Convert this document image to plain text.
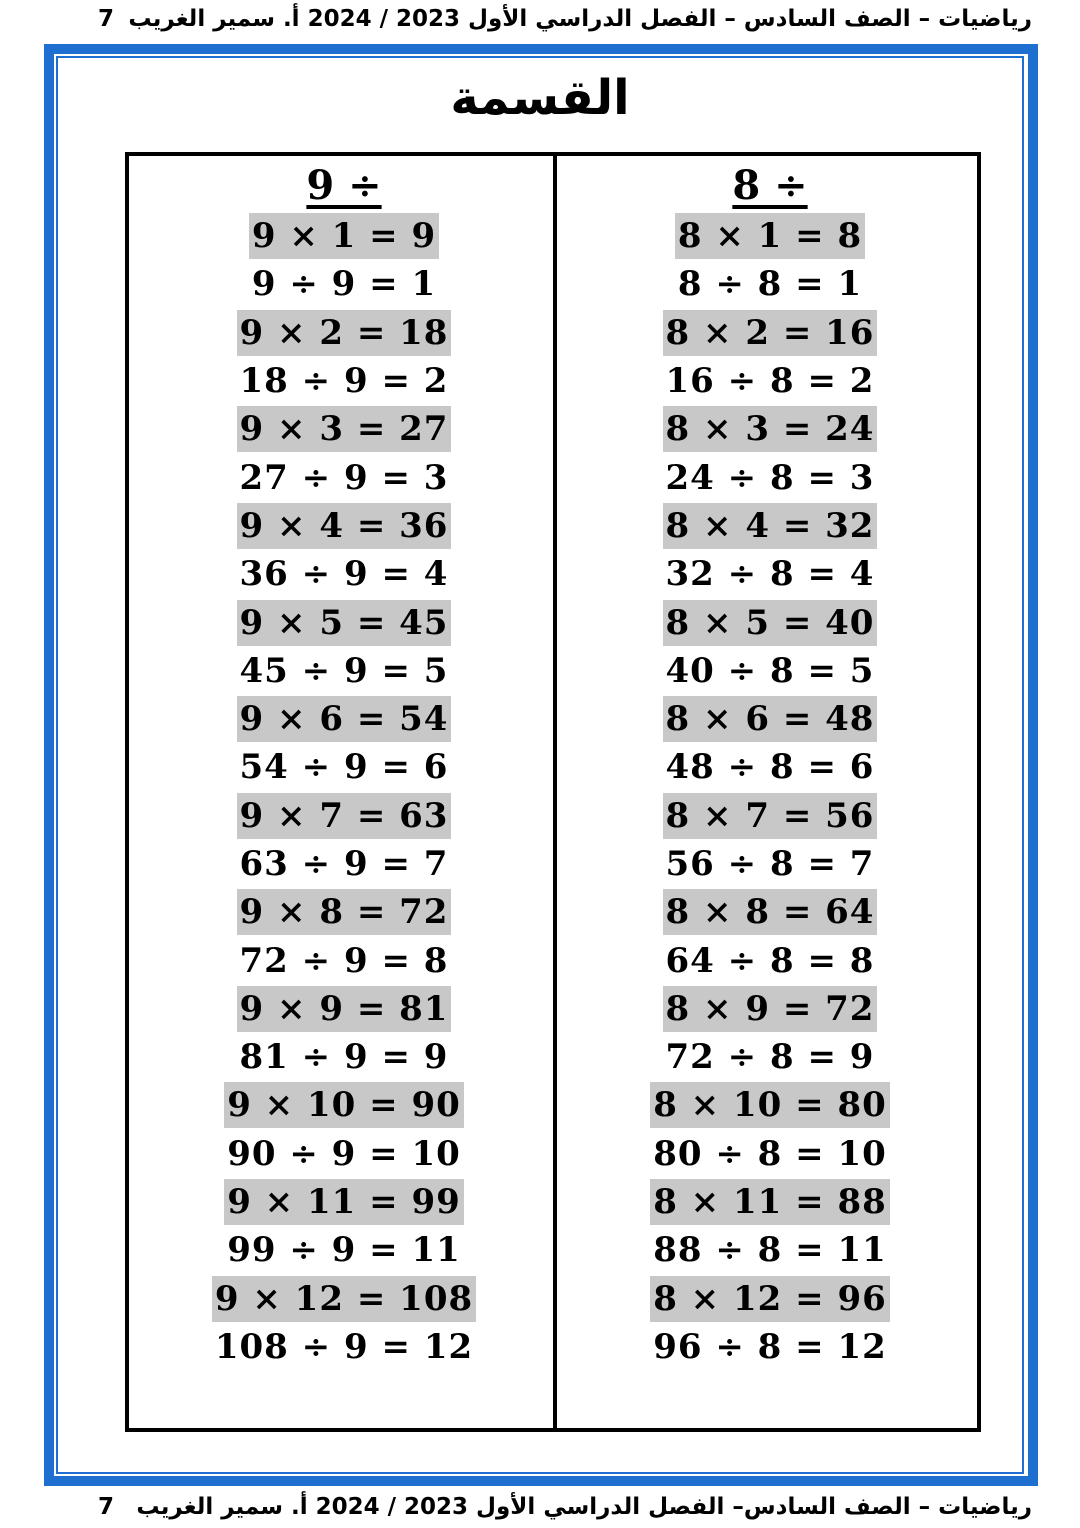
رياضيات – الصف السادس – الفصل الدراسي الأول 2023 / 2024 أ. سمير الغريب
7
القسمة
9 ÷
9 × 1 = 9
9 ÷ 9 = 1
9 × 2 = 18
18 ÷ 9 = 2
9 × 3 = 27
27 ÷ 9 = 3
9 × 4 = 36
36 ÷ 9 = 4
9 × 5 = 45
45 ÷ 9 = 5
9 × 6 = 54
54 ÷ 9 = 6
9 × 7 = 63
63 ÷ 9 = 7
9 × 8 = 72
72 ÷ 9 = 8
9 × 9 = 81
81 ÷ 9 = 9
9 × 10 = 90
90 ÷ 9 = 10
9 × 11 = 99
99 ÷ 9 = 11
9 × 12 = 108
108 ÷ 9 = 12
8 ÷
8 × 1 = 8
8 ÷ 8 = 1
8 × 2 = 16
16 ÷ 8 = 2
8 × 3 = 24
24 ÷ 8 = 3
8 × 4 = 32
32 ÷ 8 = 4
8 × 5 = 40
40 ÷ 8 = 5
8 × 6 = 48
48 ÷ 8 = 6
8 × 7 = 56
56 ÷ 8 = 7
8 × 8 = 64
64 ÷ 8 = 8
8 × 9 = 72
72 ÷ 8 = 9
8 × 10 = 80
80 ÷ 8 = 10
8 × 11 = 88
88 ÷ 8 = 11
8 × 12 = 96
96 ÷ 8 = 12
رياضيات – الصف السادس– الفصل الدراسي الأول 2023 / 2024 أ. سمير الغريب
7
